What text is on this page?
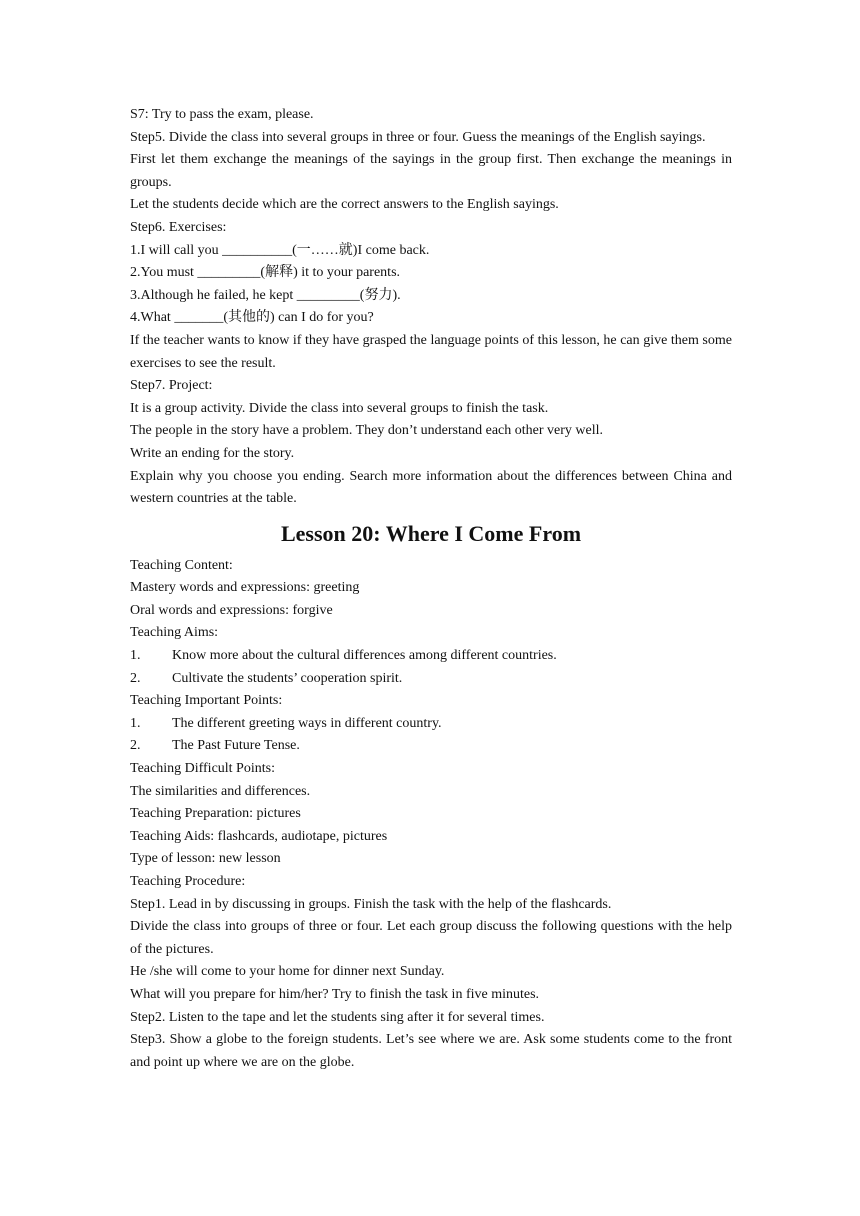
S7: Try to pass the exam, please.

Step5. Divide the class into several groups in three or four. Guess the meanings of the English sayings.

First let them exchange the meanings of the sayings in the group first. Then exchange the meanings in groups.

Let the students decide which are the correct answers to the English sayings.

Step6. Exercises:

1.I will call you __________(一……就)I come back.

2.You must _________(解释) it to your parents.

3.Although he failed, he kept _________(努力).

4.What _______(其他的) can I do for you?

If the teacher wants to know if they have grasped the language points of this lesson, he can give them some exercises to see the result.

Step7. Project:

It is a group activity. Divide the class into several groups to finish the task.

The people in the story have a problem. They don’t understand each other very well.

Write an ending for the story.

Explain why you choose you ending. Search more information about the differences between China and western countries at the table.

Lesson 20: Where I Come From

Teaching Content:

Mastery words and expressions: greeting

Oral words and expressions: forgive

Teaching Aims:

1.	Know more about the cultural differences among different countries.
2.	Cultivate the students’ cooperation spirit.

Teaching Important Points:

1.	The different greeting ways in different country.
2.	The Past Future Tense.

Teaching Difficult Points:

The similarities and differences.

Teaching Preparation: pictures

Teaching Aids: flashcards, audiotape, pictures

Type of lesson: new lesson

Teaching Procedure:

Step1. Lead in by discussing in groups. Finish the task with the help of the flashcards.

Divide the class into groups of three or four. Let each group discuss the following questions with the help of the pictures.

He /she will come to your home for dinner next Sunday.

What will you prepare for him/her? Try to finish the task in five minutes.

Step2. Listen to the tape and let the students sing after it for several times.

Step3. Show a globe to the foreign students. Let’s see where we are. Ask some students come to the front and point up where we are on the globe.
